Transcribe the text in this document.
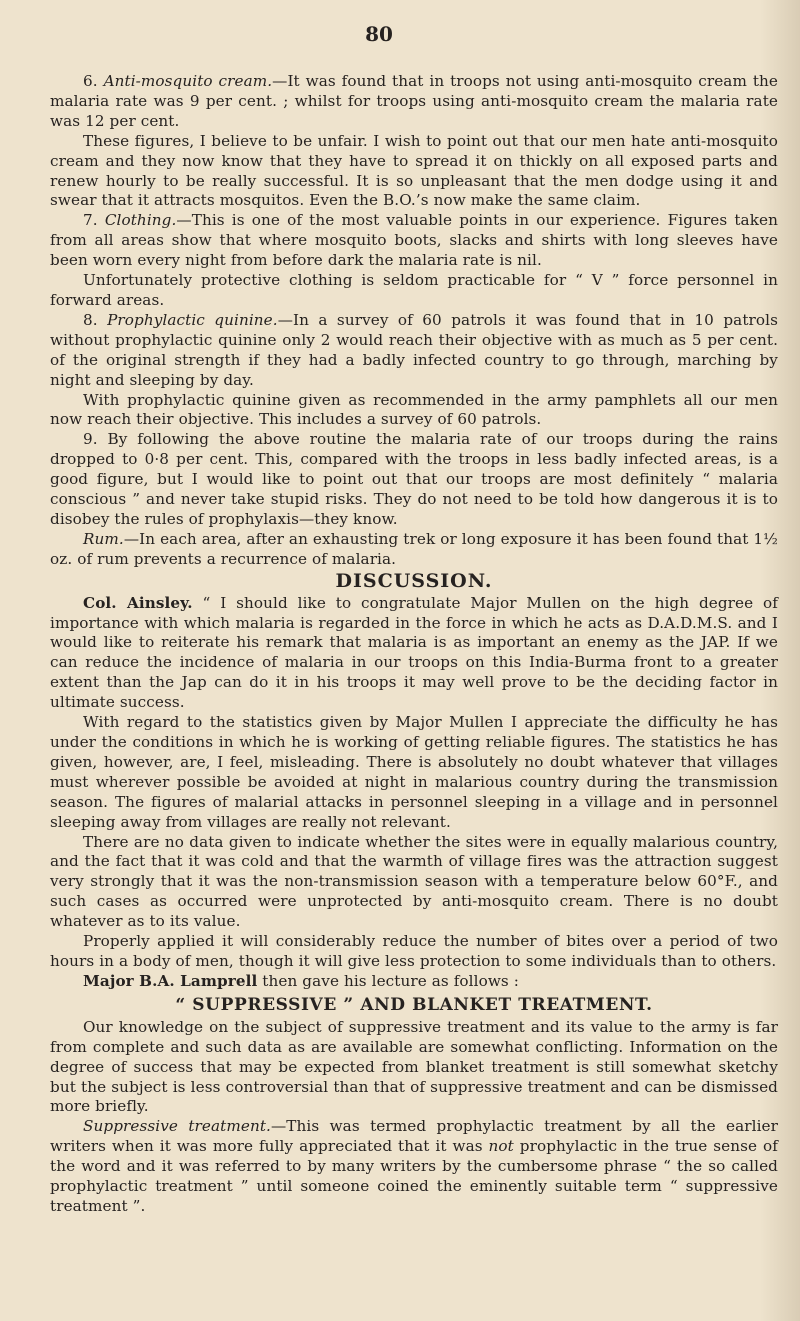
80

6. Anti-mosquito cream.—It was found that in troops not using anti-mosquito cream the malaria rate was 9 per cent. ; whilst for troops using anti-mosquito cream the malaria rate was 12 per cent.

These figures, I believe to be unfair. I wish to point out that our men hate anti-mosquito cream and they now know that they have to spread it on thickly on all exposed parts and renew hourly to be really successful. It is so unpleasant that the men dodge using it and swear that it attracts mosquitos. Even the B.O.’s now make the same claim.

7. Clothing.—This is one of the most valuable points in our experience. Figures taken from all areas show that where mosquito boots, slacks and shirts with long sleeves have been worn every night from before dark the malaria rate is nil.

Unfortunately protective clothing is seldom practicable for “ V ” force personnel in forward areas.

8. Prophylactic quinine.—In a survey of 60 patrols it was found that in 10 patrols without prophylactic quinine only 2 would reach their objective with as much as 5 per cent. of the original strength if they had a badly infected country to go through, marching by night and sleeping by day.

With prophylactic quinine given as recommended in the army pamphlets all our men now reach their objective. This includes a survey of 60 patrols.

9. By following the above routine the malaria rate of our troops during the rains dropped to 0·8 per cent. This, compared with the troops in less badly infected areas, is a good figure, but I would like to point out that our troops are most definitely “ malaria conscious ” and never take stupid risks. They do not need to be told how dangerous it is to disobey the rules of prophylaxis—they know.

Rum.—In each area, after an exhausting trek or long exposure it has been found that 1½ oz. of rum prevents a recurrence of malaria.

DISCUSSION.

Col. Ainsley. “ I should like to congratulate Major Mullen on the high degree of importance with which malaria is regarded in the force in which he acts as D.A.D.M.S. and I would like to reiterate his remark that malaria is as important an enemy as the JAP. If we can reduce the incidence of malaria in our troops on this India-Burma front to a greater extent than the Jap can do it in his troops it may well prove to be the deciding factor in ultimate success.

With regard to the statistics given by Major Mullen I appreciate the difficulty he has under the conditions in which he is working of getting reliable figures. The statistics he has given, however, are, I feel, misleading. There is absolutely no doubt whatever that villages must wherever possible be avoided at night in malarious country during the transmission season. The figures of malarial attacks in personnel sleeping in a village and in personnel sleeping away from villages are really not relevant.

There are no data given to indicate whether the sites were in equally malarious country, and the fact that it was cold and that the warmth of village fires was the attraction suggest very strongly that it was the non-transmission season with a temperature below 60°F., and such cases as occurred were unprotected by anti-mosquito cream. There is no doubt whatever as to its value.

Properly applied it will considerably reduce the number of bites over a period of two hours in a body of men, though it will give less protection to some individuals than to others.

Major B.A. Lamprell then gave his lecture as follows :

“ SUPPRESSIVE ” AND BLANKET TREATMENT.

Our knowledge on the subject of suppressive treatment and its value to the army is far from complete and such data as are available are somewhat conflicting. Information on the degree of success that may be expected from blanket treatment is still somewhat sketchy but the subject is less controversial than that of suppressive treatment and can be dismissed more briefly.

Suppressive treatment.—This was termed prophylactic treatment by all the earlier writers when it was more fully appreciated that it was not prophylactic in the true sense of the word and it was referred to by many writers by the cumbersome phrase “ the so called prophylactic treatment ” until someone coined the eminently suitable term “ suppressive treatment ”.
